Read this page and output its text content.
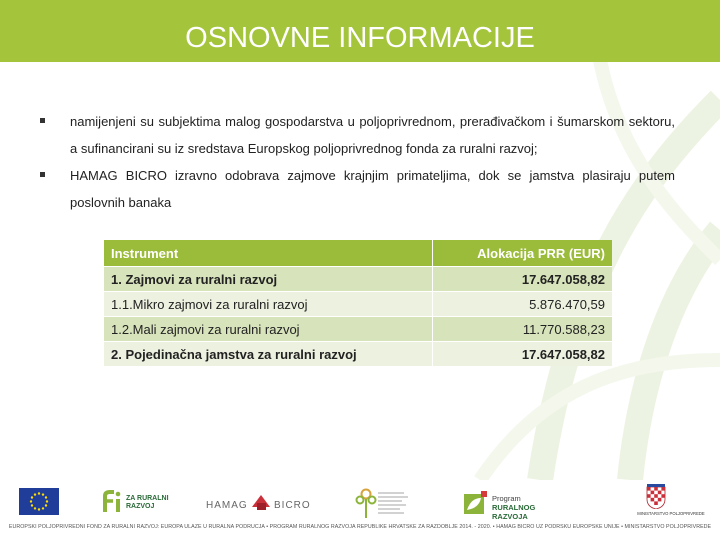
OSNOVNE INFORMACIJE
namijenjeni su subjektima malog gospodarstva u poljoprivrednom, prerađivačkom i šumarskom sektoru, a sufinancirani su iz sredstava Europskog poljoprivrednog fonda za ruralni razvoj;
HAMAG BICRO izravno odobrava zajmove krajnjim primateljima, dok se jamstva plasiraju putem poslovnih banaka
Instrument	Alokacija PRR (EUR)
1. Zajmovi za ruralni razvoj	17.647.058,82
1.1.Mikro zajmovi za ruralni razvoj	5.876.470,59
1.2.Mali zajmovi za ruralni razvoj	11.770.588,23
2. Pojedinačna jamstva za ruralni razvoj	17.647.058,82
ZA RURALNI
RAZVOJ	HAMAG	BICRO
Program
RURALNOG RAZVOJA	MINISTARSTVO POLJOPRIVREDE
EUROPSKI POLJOPRIVREDNI FOND ZA RURALNI RAZVOJ: EUROPA ULAŽE U RURALNA PODRUČJA • PROGRAM RURALNOG RAZVOJA REPUBLIKE HRVATSKE ZA RAZDOBLJE 2014. - 2020. • HAMAG BICRO UZ PODRŠKU EUROPSKE UNIJE • MINISTARSTVO POLJOPRIVREDE
